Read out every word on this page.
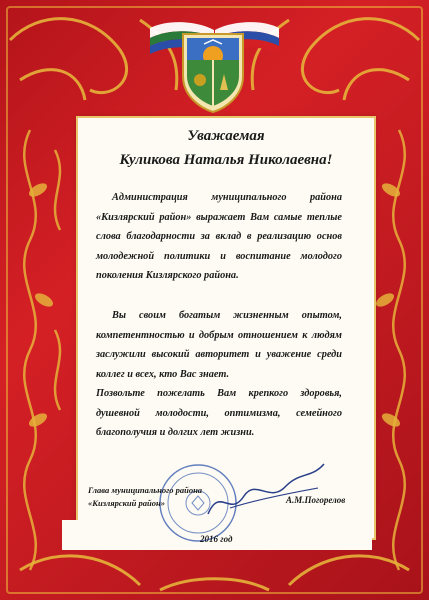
Уважаемая
Куликова Наталья Николаевна!

Администрация муниципального района «Кизлярский район» выражает Вам самые теплые слова благодарности за вклад в реализацию основ молодежной политики и воспитание молодого поколения Кизлярского района.

Вы своим богатым жизненным опытом, компетентностью и добрым отношением к людям заслужили высокий авторитет и уважение среди коллег и всех, кто Вас знает.

Позвольте пожелать Вам крепкого здоровья, душевной молодости, оптимизма, семейного благополучия и долгих лет жизни.

Глава муниципального района
«Кизлярский район»	А.М.Погорелов
2016 год
